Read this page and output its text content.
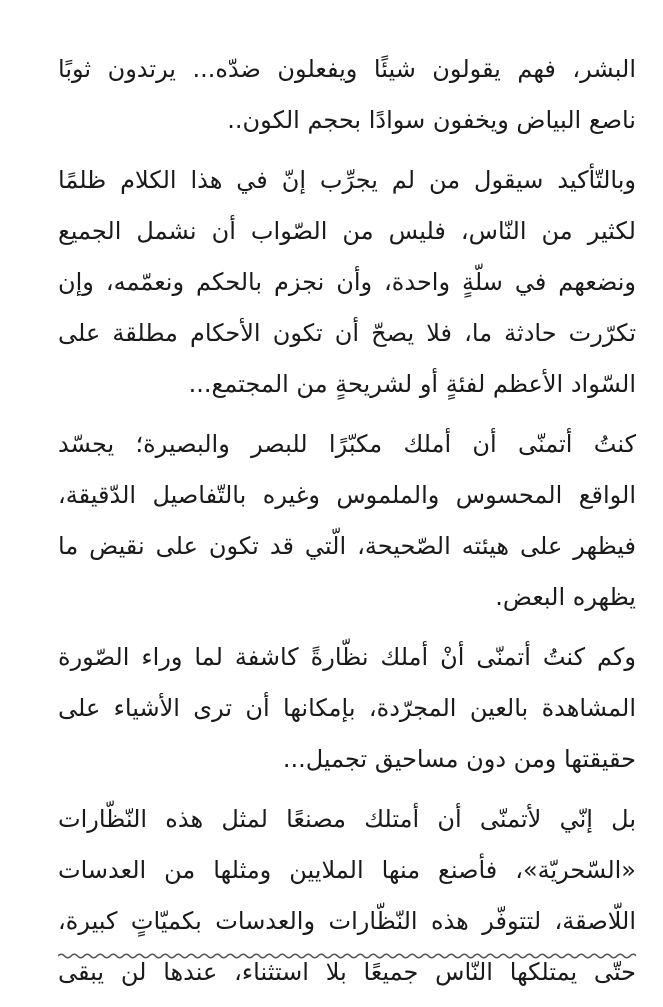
البشر، فهم يقولون شيئًا ويفعلون ضدّه... يرتدون ثوبًا
ناصع البياض ويخفون سوادًا بحجم الكون..
وبالتّأكيد سيقول من لم يجرِّب إنّ في هذا الكلام ظلمًا
لكثير من النّاس، فليس من الصّواب أن نشمل الجميع
ونضعهم في سلّةٍ واحدة، وأن نجزم بالحكم ونعمّمه، وإن
تكرّرت حادثة ما، فلا يصحّ أن تكون الأحكام مطلقة على
السّواد الأعظم لفئةٍ أو لشريحةٍ من المجتمع...
كنتُ أتمنّى أن أملك مكبّرًا للبصر والبصيرة؛ يجسّد
الواقع المحسوس والملموس وغيره بالتّفاصيل الدّقيقة،
فيظهر على هيئته الصّحيحة، الّتي قد تكون على نقيض ما
يظهره البعض.
وكم كنتُ أتمنّى أنْ أملك نظّارةً كاشفة لما وراء الصّورة
المشاهدة بالعين المجرّدة، بإمكانها أن ترى الأشياء على
حقيقتها ومن دون مساحيق تجميل...
بل إنّي لأتمنّى أن أمتلك مصنعًا لمثل هذه النّظّارات
«السّحريّة»، فأصنع منها الملايين ومثلها من العدسات
اللّاصقة، لتتوفّر هذه النّظّارات والعدسات بكميّاتٍ كبيرة،
حتّى يمتلكها النّاس جميعًا بلا استثناء، عندها لن يبقى
